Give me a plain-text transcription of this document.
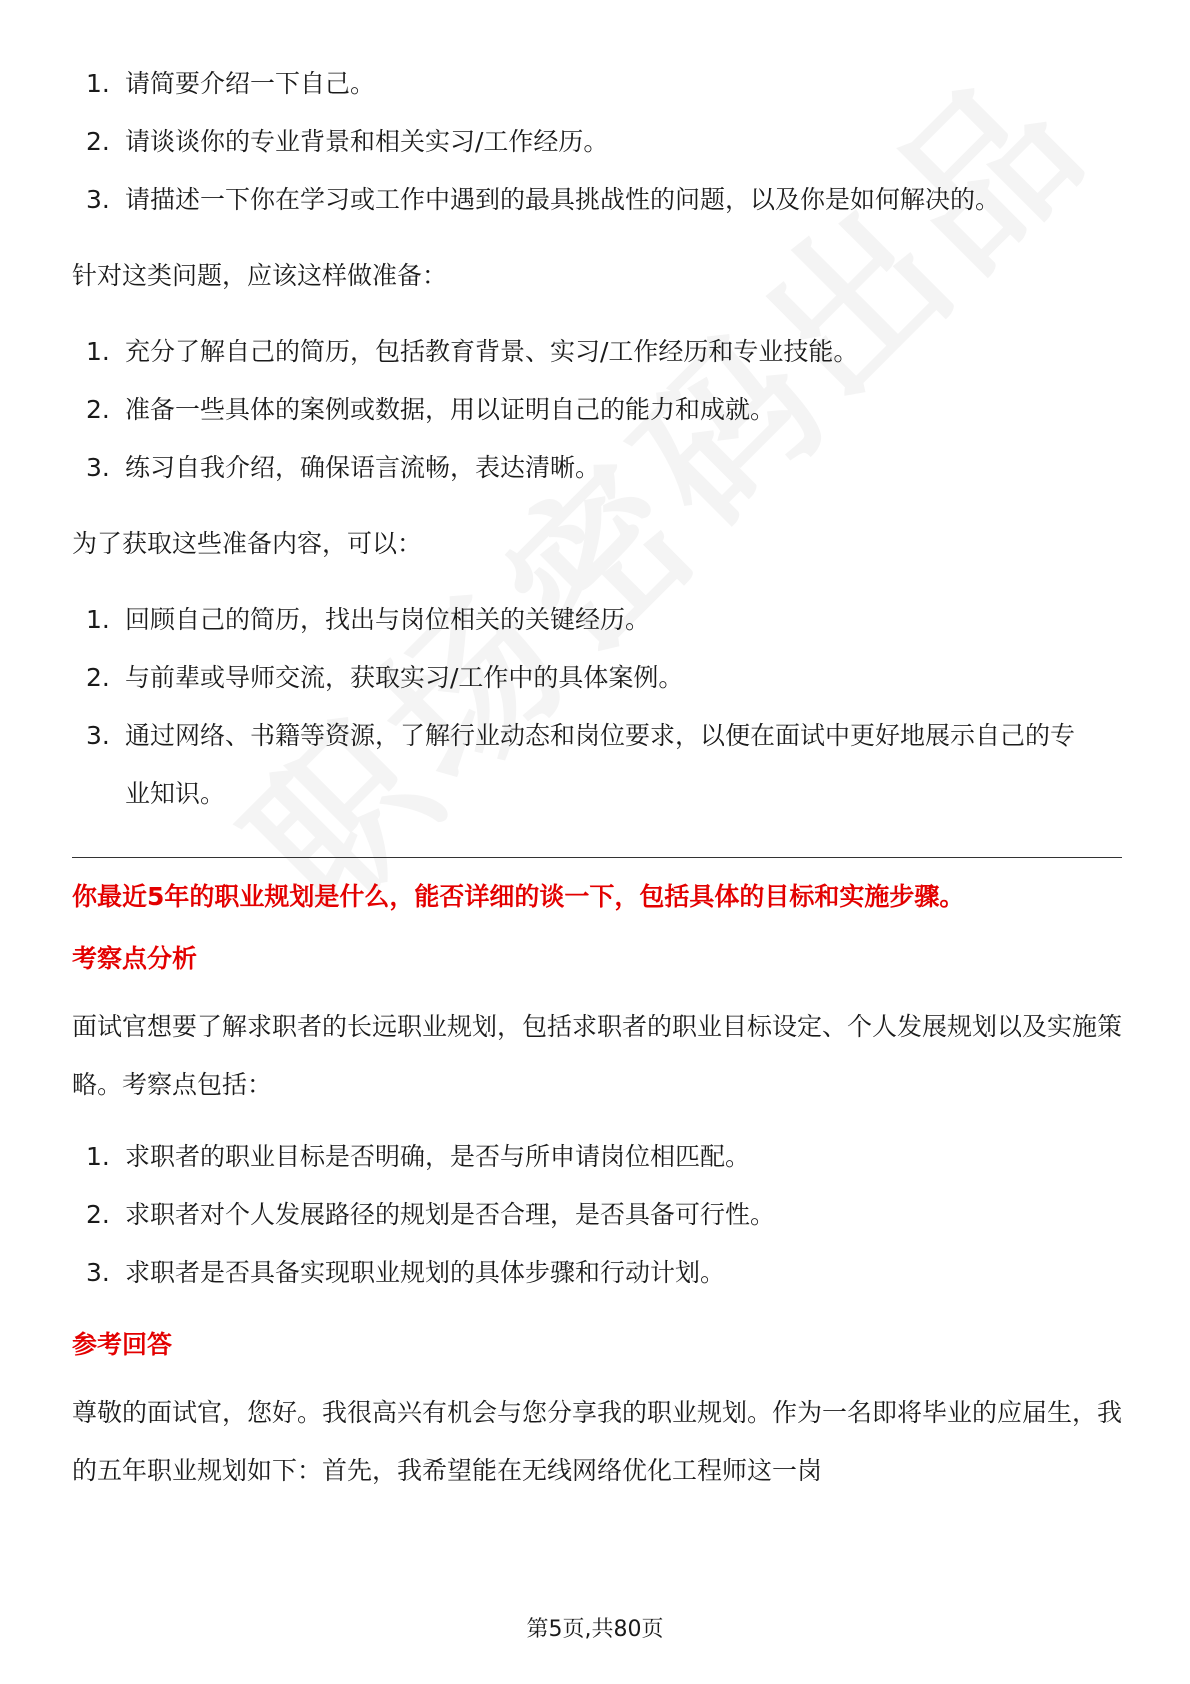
1. 请简要介绍一下自己。
2. 请谈谈你的专业背景和相关实习/工作经历。
3. 请描述一下你在学习或工作中遇到的最具挑战性的问题，以及你是如何解决的。

针对这类问题，应该这样做准备：

1. 充分了解自己的简历，包括教育背景、实习/工作经历和专业技能。
2. 准备一些具体的案例或数据，用以证明自己的能力和成就。
3. 练习自我介绍，确保语言流畅，表达清晰。

为了获取这些准备内容，可以：

1. 回顾自己的简历，找出与岗位相关的关键经历。
2. 与前辈或导师交流，获取实习/工作中的具体案例。
3. 通过网络、书籍等资源，了解行业动态和岗位要求，以便在面试中更好地展示自己的专业知识。

你最近5年的职业规划是什么，能否详细的谈一下，包括具体的目标和实施步骤。

考察点分析

面试官想要了解求职者的长远职业规划，包括求职者的职业目标设定、个人发展规划以及实施策略。考察点包括：

1. 求职者的职业目标是否明确，是否与所申请岗位相匹配。
2. 求职者对个人发展路径的规划是否合理，是否具备可行性。
3. 求职者是否具备实现职业规划的具体步骤和行动计划。

参考回答

尊敬的面试官，您好。我很高兴有机会与您分享我的职业规划。作为一名即将毕业的应届生，我的五年职业规划如下：首先，我希望能在无线网络优化工程师这一岗

第5页,共80页
